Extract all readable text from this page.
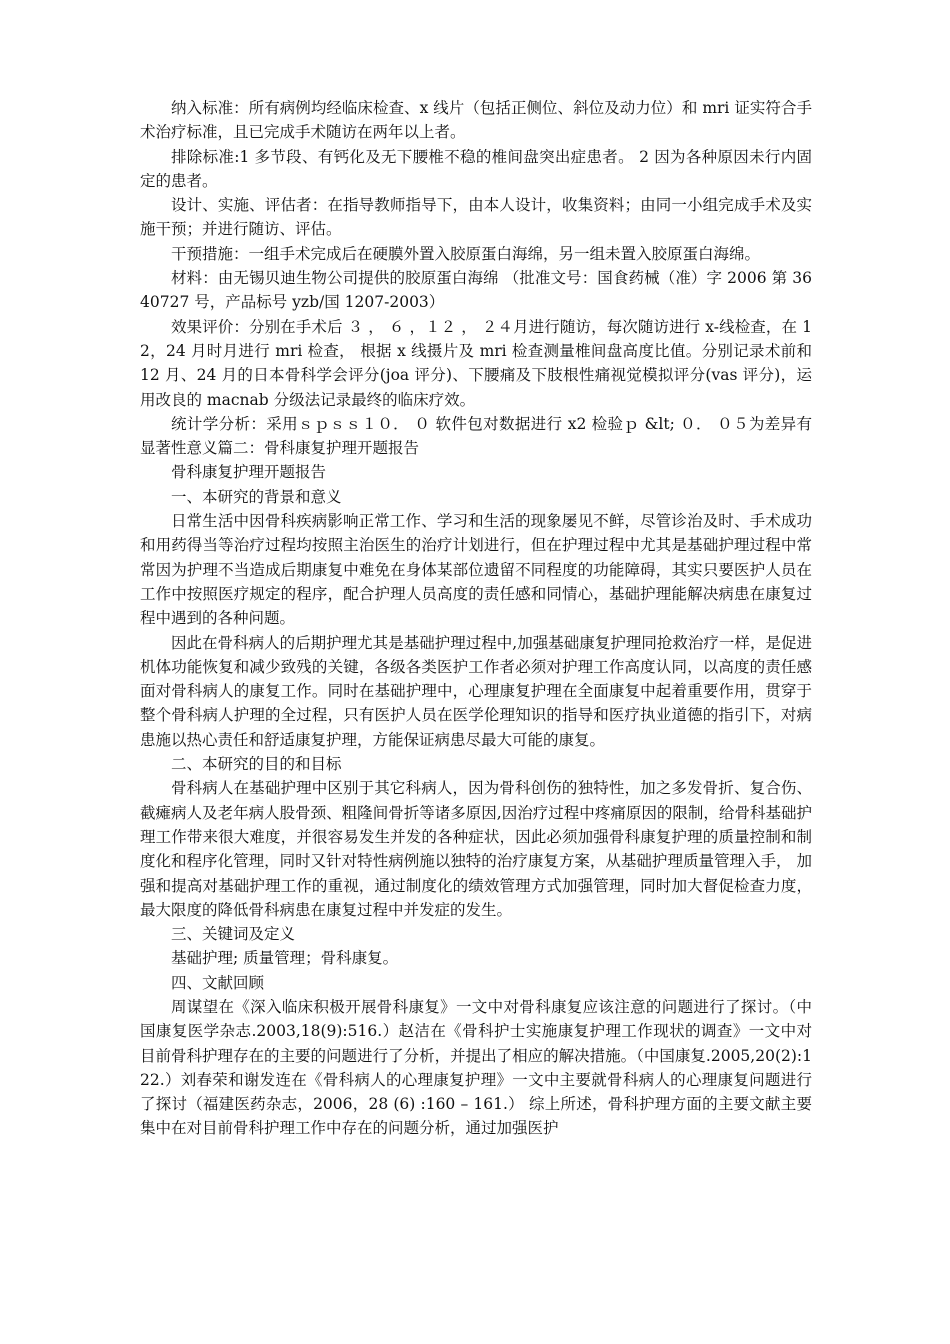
纳入标准：所有病例均经临床检查、x 线片（包括正侧位、斜位及动力位）和 mri 证实符合手术治疗标准，且已完成手术随访在两年以上者。

排除标准:1 多节段、有钙化及无下腰椎不稳的椎间盘突出症患者。 2 因为各种原因未行内固定的患者。

设计、实施、评估者：在指导教师指导下，由本人设计，收集资料；由同一小组完成手术及实施干预；并进行随访、评估。

干预措施：一组手术完成后在硬膜外置入胶原蛋白海绵，另一组未置入胶原蛋白海绵。

材料：由无锡贝迪生物公司提供的胶原蛋白海绵 （批准文号：国食药械（准）字 2006 第 3640727 号，产品标号 yzb/国 1207-2003）

效果评价：分别在手术后 ３ ， ６ ，１２ ， ２４月进行随访，每次随访进行 x-线检查，在 12，24 月时月进行 mri 检查， 根据 x 线摄片及 mri 检查测量椎间盘高度比值。分别记录术前和 12 月、24 月的日本骨科学会评分(joa 评分)、下腰痛及下肢根性痛视觉模拟评分(vas 评分)，运用改良的 macnab 分级法记录最终的临床疗效。

统计学分析：采用ｓｐｓｓ１０． ０ 软件包对数据进行 x2 检验ｐ &lt; ０． ０５为差异有显著性意义篇二：骨科康复护理开题报告

骨科康复护理开题报告

一、本研究的背景和意义

日常生活中因骨科疾病影响正常工作、学习和生活的现象屡见不鲜，尽管诊治及时、手术成功和用药得当等治疗过程均按照主治医生的治疗计划进行，但在护理过程中尤其是基础护理过程中常常因为护理不当造成后期康复中难免在身体某部位遗留不同程度的功能障碍，其实只要医护人员在工作中按照医疗规定的程序，配合护理人员高度的责任感和同情心，基础护理能解决病患在康复过程中遇到的各种问题。

因此在骨科病人的后期护理尤其是基础护理过程中,加强基础康复护理同抢救治疗一样，是促进机体功能恢复和减少致残的关键，各级各类医护工作者必须对护理工作高度认同，以高度的责任感面对骨科病人的康复工作。同时在基础护理中，心理康复护理在全面康复中起着重要作用，贯穿于整个骨科病人护理的全过程，只有医护人员在医学伦理知识的指导和医疗执业道德的指引下，对病患施以热心责任和舒适康复护理，方能保证病患尽最大可能的康复。

二、本研究的目的和目标

骨科病人在基础护理中区别于其它科病人，因为骨科创伤的独特性，加之多发骨折、复合伤、截瘫病人及老年病人股骨颈、粗隆间骨折等诸多原因,因治疗过程中疼痛原因的限制，给骨科基础护理工作带来很大难度，并很容易发生并发的各种症状，因此必须加强骨科康复护理的质量控制和制度化和程序化管理，同时又针对特性病例施以独特的治疗康复方案，从基础护理质量管理入手， 加强和提高对基础护理工作的重视，通过制度化的绩效管理方式加强管理，同时加大督促检查力度，最大限度的降低骨科病患在康复过程中并发症的发生。

三、关键词及定义

基础护理; 质量管理；骨科康复。

四、文献回顾

周谋望在《深入临床积极开展骨科康复》一文中对骨科康复应该注意的问题进行了探讨。（中国康复医学杂志.2003,18(9):516.）赵洁在《骨科护士实施康复护理工作现状的调查》一文中对目前骨科护理存在的主要的问题进行了分析，并提出了相应的解决措施。（中国康复.2005,20(2):122.）刘春荣和谢发连在《骨科病人的心理康复护理》一文中主要就骨科病人的心理康复问题进行了探讨（福建医药杂志，2006，28 (6) :160 – 161.） 综上所述，骨科护理方面的主要文献主要集中在对目前骨科护理工作中存在的问题分析，通过加强医护
